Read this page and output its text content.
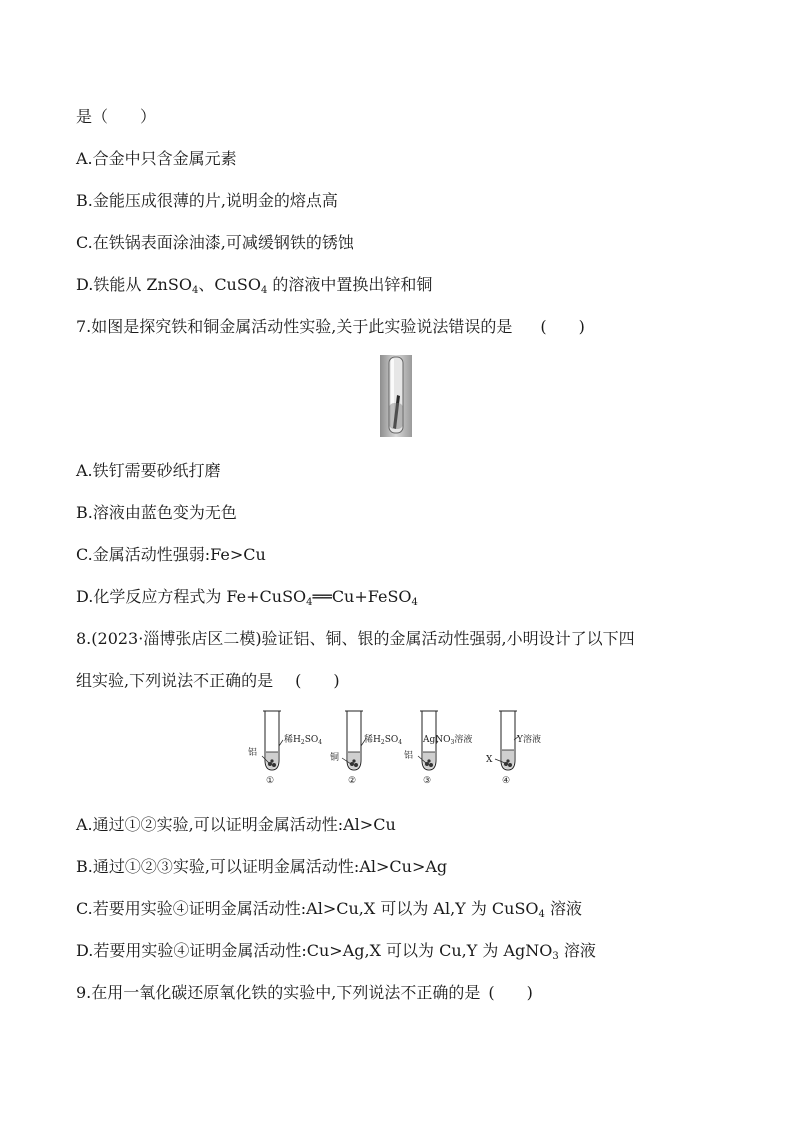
是（　　）
A.合金中只含金属元素
B.金能压成很薄的片,说明金的熔点高
C.在铁锅表面涂油漆,可减缓钢铁的锈蚀
D.铁能从 ZnSO$_4$、CuSO$_4$ 的溶液中置换出锌和铜
7.如图是探究铁和铜金属活动性实验,关于此实验说法错误的是 (　　)
A.铁钉需要砂纸打磨
B.溶液由蓝色变为无色
C.金属活动性强弱:Fe>Cu
D.化学反应方程式为 Fe+CuSO$_4$══Cu+FeSO$_4$
8.(2023·淄博张店区二模)验证铝、铜、银的金属活动性强弱,小明设计了以下四
组实验,下列说法不正确的是 (　　)
铝
稀$H_2SO_4$
①
铜
稀$H_2SO_4$
②
铝
AgNO$_3$溶液
③
X
Y溶液
④
A.通过①②实验,可以证明金属活动性:Al>Cu
B.通过①②③实验,可以证明金属活动性:Al>Cu>Ag
C.若要用实验④证明金属活动性:Al>Cu,X 可以为 Al,Y 为 CuSO$_4$ 溶液
D.若要用实验④证明金属活动性:Cu>Ag,X 可以为 Cu,Y 为 AgNO$_3$ 溶液
9.在用一氧化碳还原氧化铁的实验中,下列说法不正确的是 (　　)
